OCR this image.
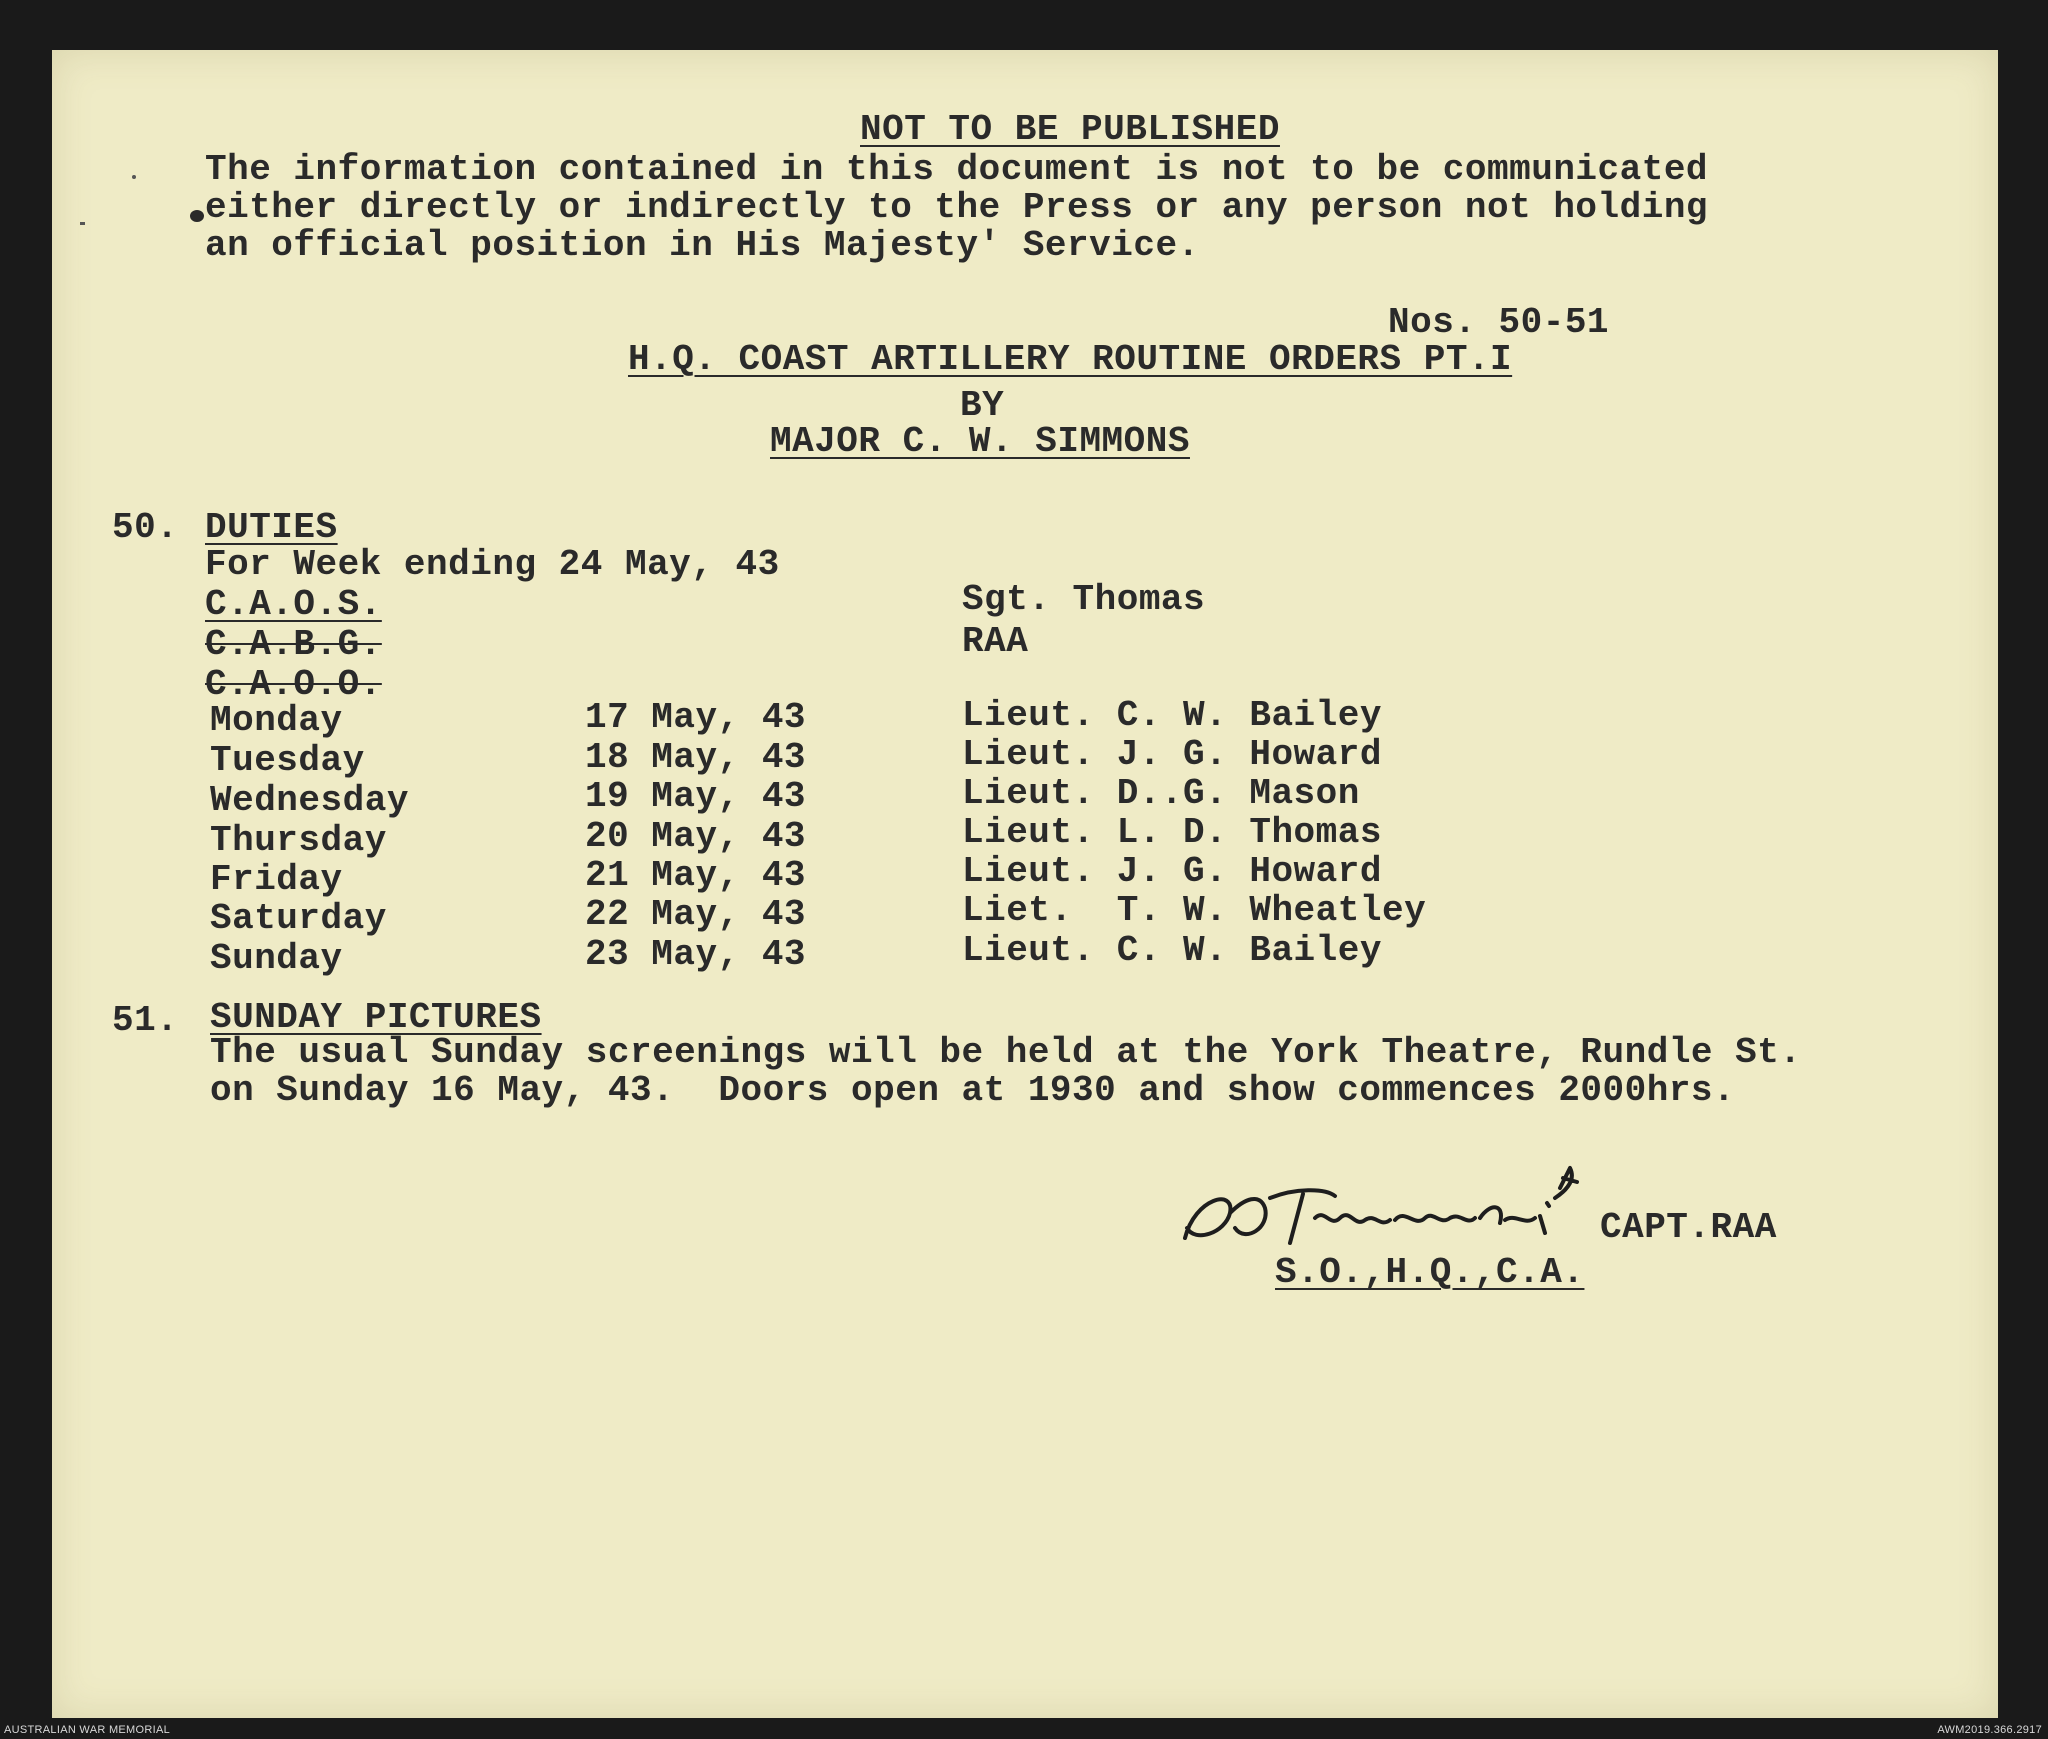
NOT TO BE PUBLISHED
The information contained in this document is not to be communicated
either directly or indirectly to the Press or any person not holding
an official position in His Majesty' Service.
Nos. 50-51
H.Q. COAST ARTILLERY ROUTINE ORDERS PT.I
BY
MAJOR C. W. SIMMONS
50. DUTIES
For Week ending 24 May, 43
C.A.O.S.	Sgt. Thomas
C.A.B.G.	RAA
C.A.O.O.
Monday	17 May, 43	Lieut. C. W. Bailey
Tuesday	18 May, 43	Lieut. J. G. Howard
Wednesday	19 May, 43	Lieut. D..G. Mason
Thursday	20 May, 43	Lieut. L. D. Thomas
Friday	21 May, 43	Lieut. J. G. Howard
Saturday	22 May, 43	Liet.  T. W. Wheatley
Sunday	23 May, 43	Lieut. C. W. Bailey
51. SUNDAY PICTURES
The usual Sunday screenings will be held at the York Theatre, Rundle St.
on Sunday 16 May, 43.  Doors open at 1930 and show commences 2000hrs.
CAPT.RAA
S.O.,H.Q.,C.A.
AUSTRALIAN WAR MEMORIAL	AWM2019.366.2917
